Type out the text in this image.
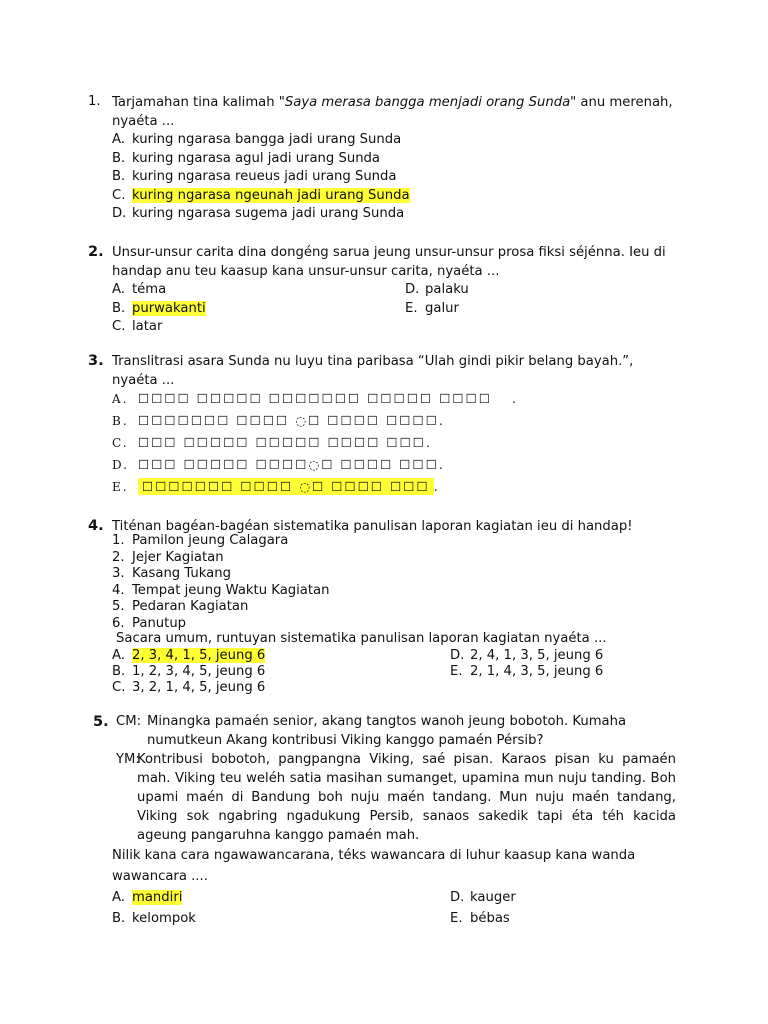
1. Tarjamahan tina kalimah "Saya merasa bangga menjadi orang Sunda" anu merenah,
nyaéta ...
A. kuring ngarasa bangga jadi urang Sunda
B. kuring ngarasa agul jadi urang Sunda
B. kuring ngarasa reueus jadi urang Sunda
C. kuring ngarasa ngeunah jadi urang Sunda
D. kuring ngarasa sugema jadi urang Sunda
2. Unsur-unsur carita dina dongéng sarua jeung unsur-unsur prosa fiksi séjénna. Ieu di
handap anu teu kaasup kana unsur-unsur carita, nyaéta ...
A. téma
B. purwakanti
C. latar
D. palaku
E. galur
3. Translitrasi asara Sunda nu luyu tina paribasa “Ulah gindi pikir belang bayah.”,
nyaéta ...
A. ☐☐☐☐ ☐☐☐☐☐ ☐☐☐☐☐☐☐ ☐☐☐☐☐ ☐☐☐☐ .
B. ☐☐☐☐☐☐☐ ☐☐☐☐ ◌☐ ☐☐☐☐ ☐☐☐☐.
C. ☐☐☐ ☐☐☐☐☐ ☐☐☐☐☐ ☐☐☐☐ ☐☐☐.
D. ☐☐☐ ☐☐☐☐☐ ☐☐☐☐◌☐ ☐☐☐☐ ☐☐☐.
E. ☐☐☐☐☐☐☐ ☐☐☐☐ ◌☐ ☐☐☐☐ ☐☐☐ .
4. Titénan bagéan-bagéan sistematika panulisan laporan kagiatan ieu di handap!
1. Pamilon jeung Calagara
2. Jejer Kagiatan
3. Kasang Tukang
4. Tempat jeung Waktu Kagiatan
5. Pedaran Kagiatan
6. Panutup
Sacara umum, runtuyan sistematika panulisan laporan kagiatan nyaéta ...
A. 2, 3, 4, 1, 5, jeung 6
B. 1, 2, 3, 4, 5, jeung 6
C. 3, 2, 1, 4, 5, jeung 6
D. 2, 4, 1, 3, 5, jeung 6
E. 2, 1, 4, 3, 5, jeung 6
5. CM: Minangka pamaén senior, akang tangtos wanoh jeung bobotoh. Kumaha
numutkeun Akang kontribusi Viking kanggo pamaén Pérsib?
YM:
Kontribusi bobotoh, pangpangna Viking, saé pisan. Karaos pisan ku pamaén
mah. Viking teu weléh satia masihan sumanget, upamina mun nuju tanding. Boh
upami maén di Bandung boh nuju maén tandang. Mun nuju maén tandang,
Viking sok ngabring ngadukung Persib, sanaos sakedik tapi éta téh kacida
ageung pangaruhna kanggo pamaén mah.
Nilik kana cara ngawawancarana, téks wawancara di luhur kaasup kana wanda
wawancara ....
A. mandiri
B. kelompok
D. kauger
E. bébas
